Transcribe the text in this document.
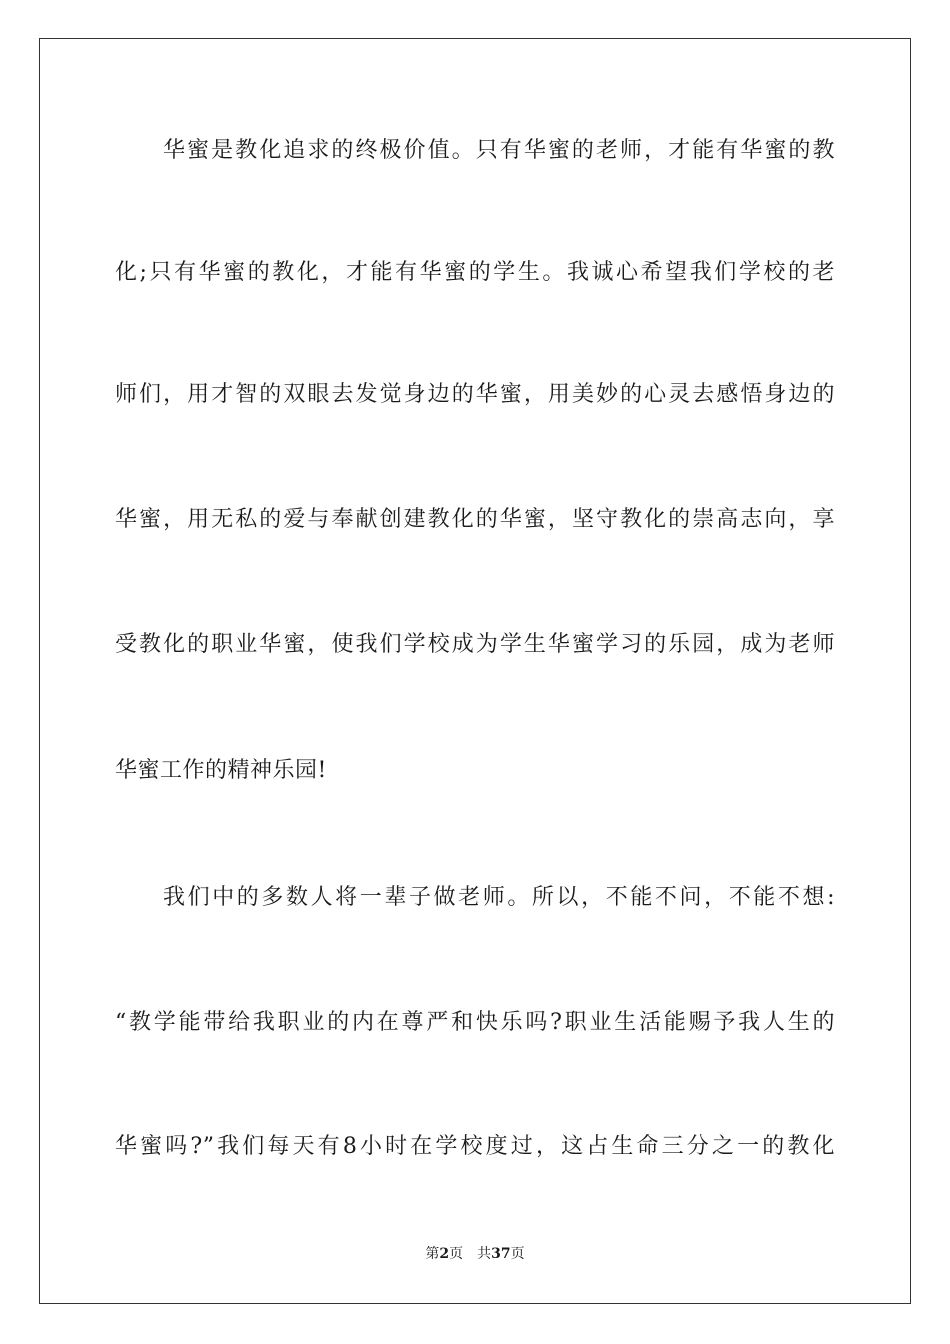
华蜜是教化追求的终极价值。只有华蜜的老师，才能有华蜜的教
化;只有华蜜的教化，才能有华蜜的学生。我诚心希望我们学校的老
师们，用才智的双眼去发觉身边的华蜜，用美妙的心灵去感悟身边的
华蜜，用无私的爱与奉献创建教化的华蜜，坚守教化的崇高志向，享
受教化的职业华蜜，使我们学校成为学生华蜜学习的乐园，成为老师
华蜜工作的精神乐园!
我们中的多数人将一辈子做老师。所以，不能不问，不能不想:
“教学能带给我职业的内在尊严和快乐吗?职业生活能赐予我人生的
华蜜吗?”我们每天有8小时在学校度过，这占生命三分之一的教化
第2页 共37页
